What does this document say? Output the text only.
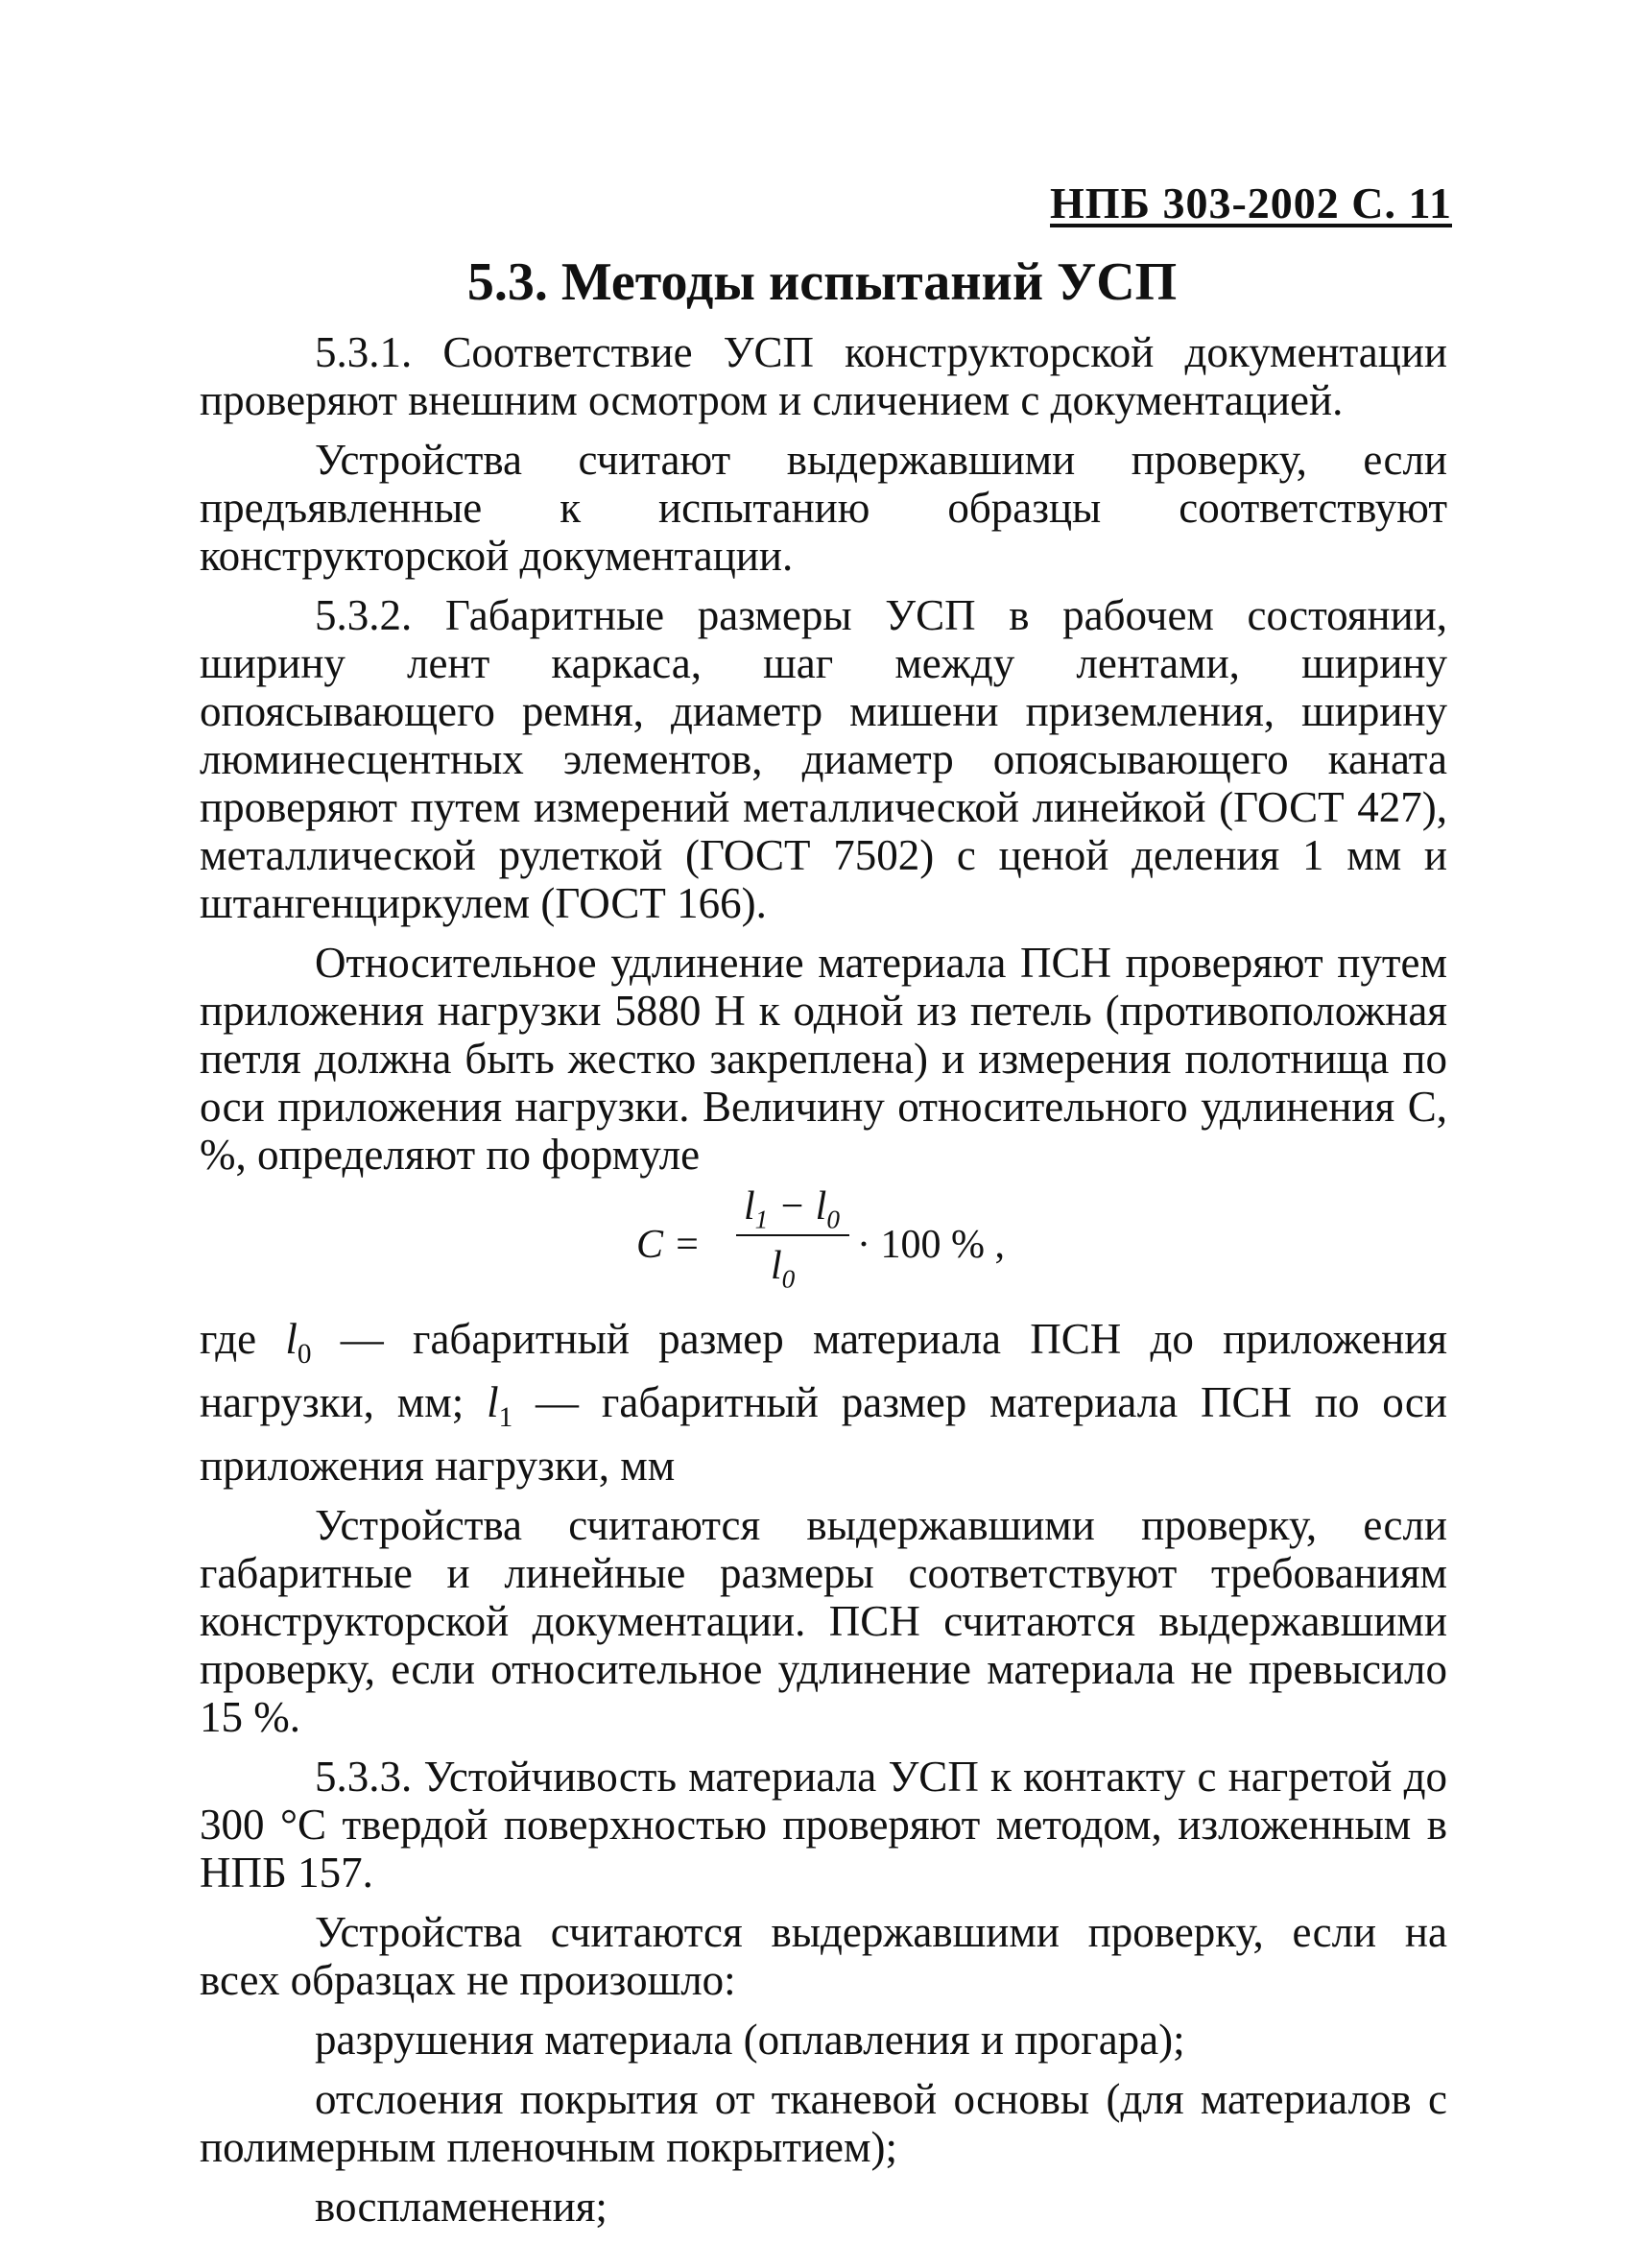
НПБ 303-2002 С. 11
5.3. Методы испытаний УСП

5.3.1. Соответствие УСП конструкторской документации проверяют внешним осмотром и сличением с документацией.

Устройства считают выдержавшими проверку, если предъявленные к испытанию образцы соответствуют конструкторской документации.

5.3.2. Габаритные размеры УСП в рабочем состоянии, ширину лент каркаса, шаг между лентами, ширину опоясывающего ремня, диаметр мишени приземления, ширину люминесцентных элементов, диаметр опоясывающего каната проверяют путем измерений металлической линейкой (ГОСТ 427), металлической рулеткой (ГОСТ 7502) с ценой деления 1 мм и штангенциркулем (ГОСТ 166).

Относительное удлинение материала ПСН проверяют путем приложения нагрузки 5880 Н к одной из петель (противоположная петля должна быть жестко закреплена) и измерения полотнища по оси приложения нагрузки. Величину относительного удлинения С, %, определяют по формуле

C =
$l_1 - l_0$
$l_0$
· 100 % ,

где $l_0$ — габаритный размер материала ПСН до приложения нагрузки, мм; $l_1$ — габаритный размер материала ПСН по оси приложения нагрузки, мм

Устройства считаются выдержавшими проверку, если габаритные и линейные размеры соответствуют требованиям конструкторской документации. ПСН считаются выдержавшими проверку, если относительное удлинение материала не превысило 15 %.

5.3.3. Устойчивость материала УСП к контакту с нагретой до 300 °С твердой поверхностью проверяют методом, изложенным в НПБ 157.

Устройства считаются выдержавшими проверку, если на всех образцах не произошло:

разрушения материала (оплавления и прогара);

отслоения покрытия от тканевой основы (для материалов с полимерным пленочным покрытием);

воспламенения;
